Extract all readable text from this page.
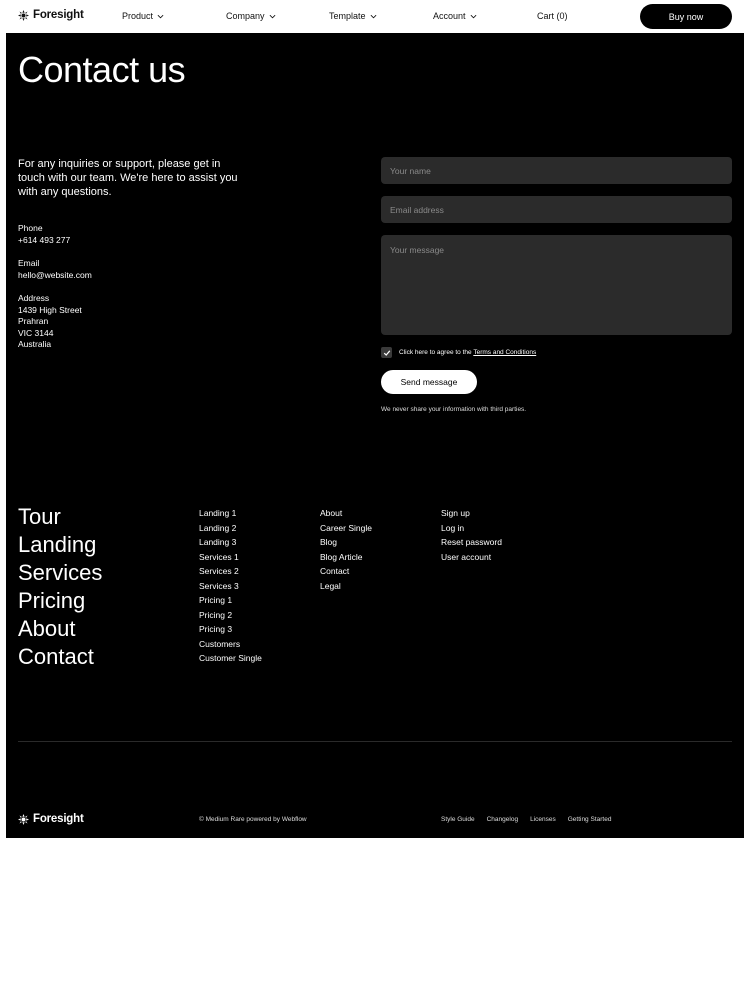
Foresight	Product	Company	Template	Account	Cart (0)	Buy now
Contact us

For any inquiries or support, please get in touch with our team. We're here to assist you with any questions.

Phone
+614 493 277
Email
hello@website.com
Address
1439 High Street
Prahran
VIC 3144
Australia
Your name
Email address
Your message
Click here to agree to the Terms and Conditions
Send message
We never share your information with third parties.
Tour
Landing
Services
Pricing
About
Contact
Landing 1
Landing 2
Landing 3
Services 1
Services 2
Services 3
Pricing 1
Pricing 2
Pricing 3
Customers
Customer Single
About
Career Single
Blog
Blog Article
Contact
Legal
Sign up
Log in
Reset password
User account
Foresight	© Medium Rare powered by Webflow	Style Guide Changelog Licenses Getting Started
